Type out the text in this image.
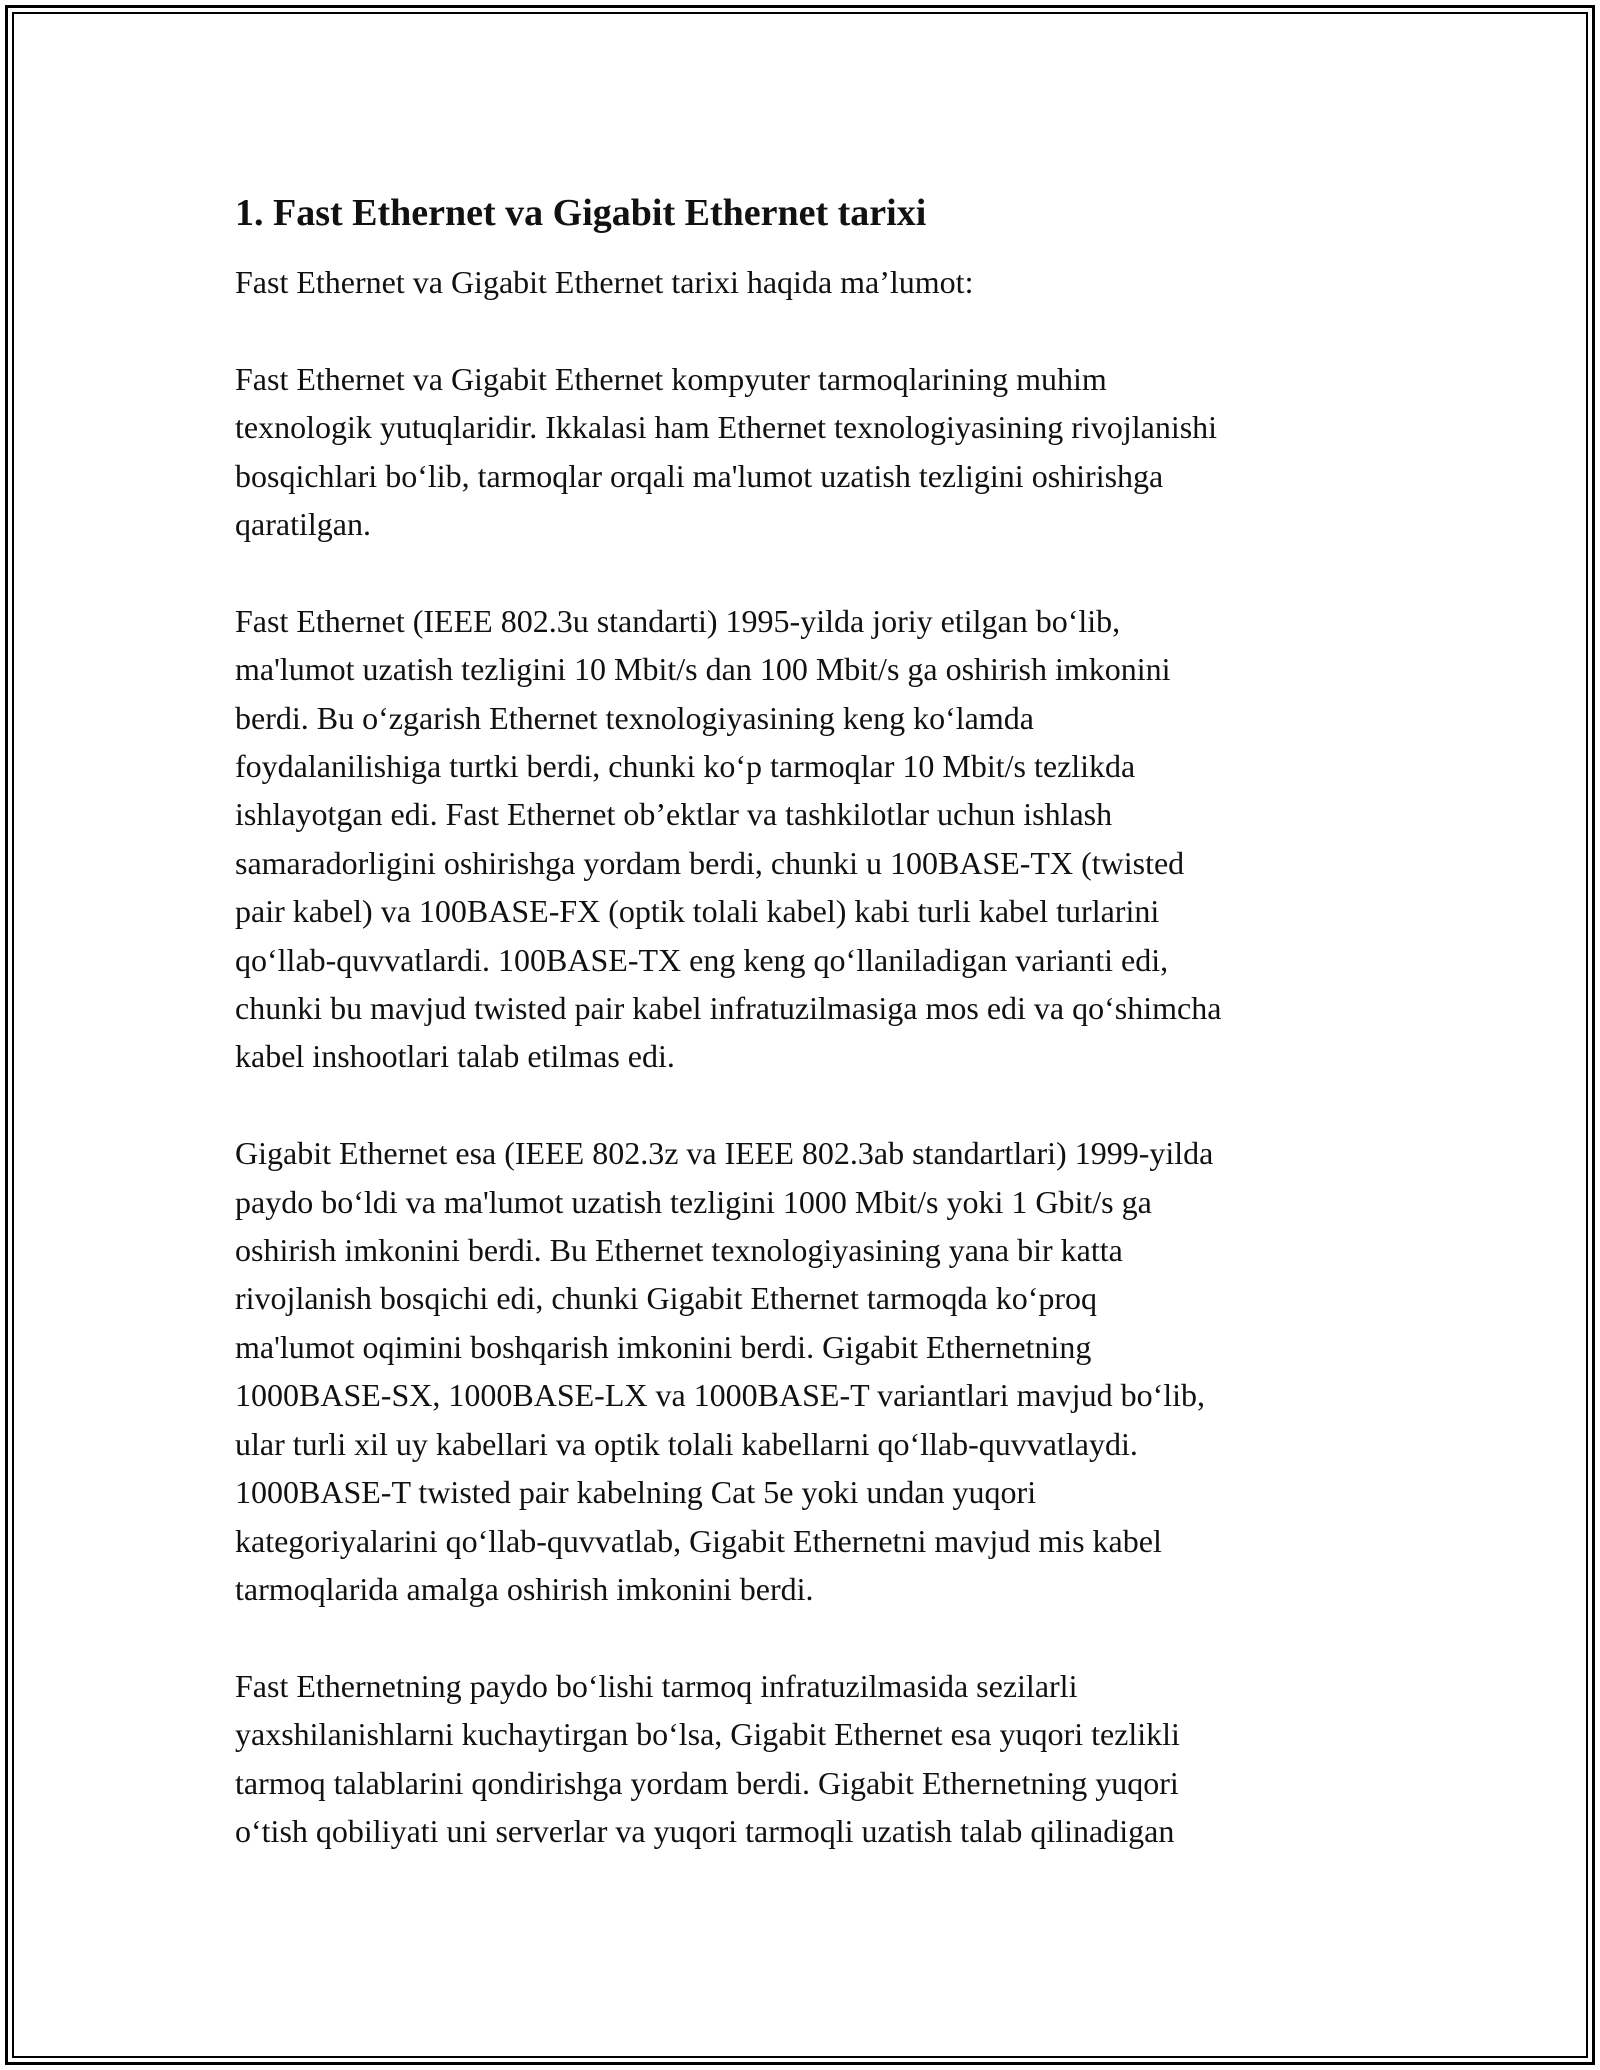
1. Fast Ethernet va Gigabit Ethernet tarixi
Fast Ethernet va Gigabit Ethernet tarixi haqida ma’lumot:
Fast Ethernet va Gigabit Ethernet kompyuter tarmoqlarining muhim
texnologik yutuqlaridir. Ikkalasi ham Ethernet texnologiyasining rivojlanishi
bosqichlari bo‘lib, tarmoqlar orqali ma'lumot uzatish tezligini oshirishga
qaratilgan.
Fast Ethernet (IEEE 802.3u standarti) 1995-yilda joriy etilgan bo‘lib,
ma'lumot uzatish tezligini 10 Mbit/s dan 100 Mbit/s ga oshirish imkonini
berdi. Bu o‘zgarish Ethernet texnologiyasining keng ko‘lamda
foydalanilishiga turtki berdi, chunki ko‘p tarmoqlar 10 Mbit/s tezlikda
ishlayotgan edi. Fast Ethernet ob’ektlar va tashkilotlar uchun ishlash
samaradorligini oshirishga yordam berdi, chunki u 100BASE-TX (twisted
pair kabel) va 100BASE-FX (optik tolali kabel) kabi turli kabel turlarini
qo‘llab-quvvatlardi. 100BASE-TX eng keng qo‘llaniladigan varianti edi,
chunki bu mavjud twisted pair kabel infratuzilmasiga mos edi va qo‘shimcha
kabel inshootlari talab etilmas edi.
Gigabit Ethernet esa (IEEE 802.3z va IEEE 802.3ab standartlari) 1999-yilda
paydo bo‘ldi va ma'lumot uzatish tezligini 1000 Mbit/s yoki 1 Gbit/s ga
oshirish imkonini berdi. Bu Ethernet texnologiyasining yana bir katta
rivojlanish bosqichi edi, chunki Gigabit Ethernet tarmoqda ko‘proq
ma'lumot oqimini boshqarish imkonini berdi. Gigabit Ethernetning
1000BASE-SX, 1000BASE-LX va 1000BASE-T variantlari mavjud bo‘lib,
ular turli xil uy kabellari va optik tolali kabellarni qo‘llab-quvvatlaydi.
1000BASE-T twisted pair kabelning Cat 5e yoki undan yuqori
kategoriyalarini qo‘llab-quvvatlab, Gigabit Ethernetni mavjud mis kabel
tarmoqlarida amalga oshirish imkonini berdi.
Fast Ethernetning paydo bo‘lishi tarmoq infratuzilmasida sezilarli
yaxshilanishlarni kuchaytirgan bo‘lsa, Gigabit Ethernet esa yuqori tezlikli
tarmoq talablarini qondirishga yordam berdi. Gigabit Ethernetning yuqori
o‘tish qobiliyati uni serverlar va yuqori tarmoqli uzatish talab qilinadigan
